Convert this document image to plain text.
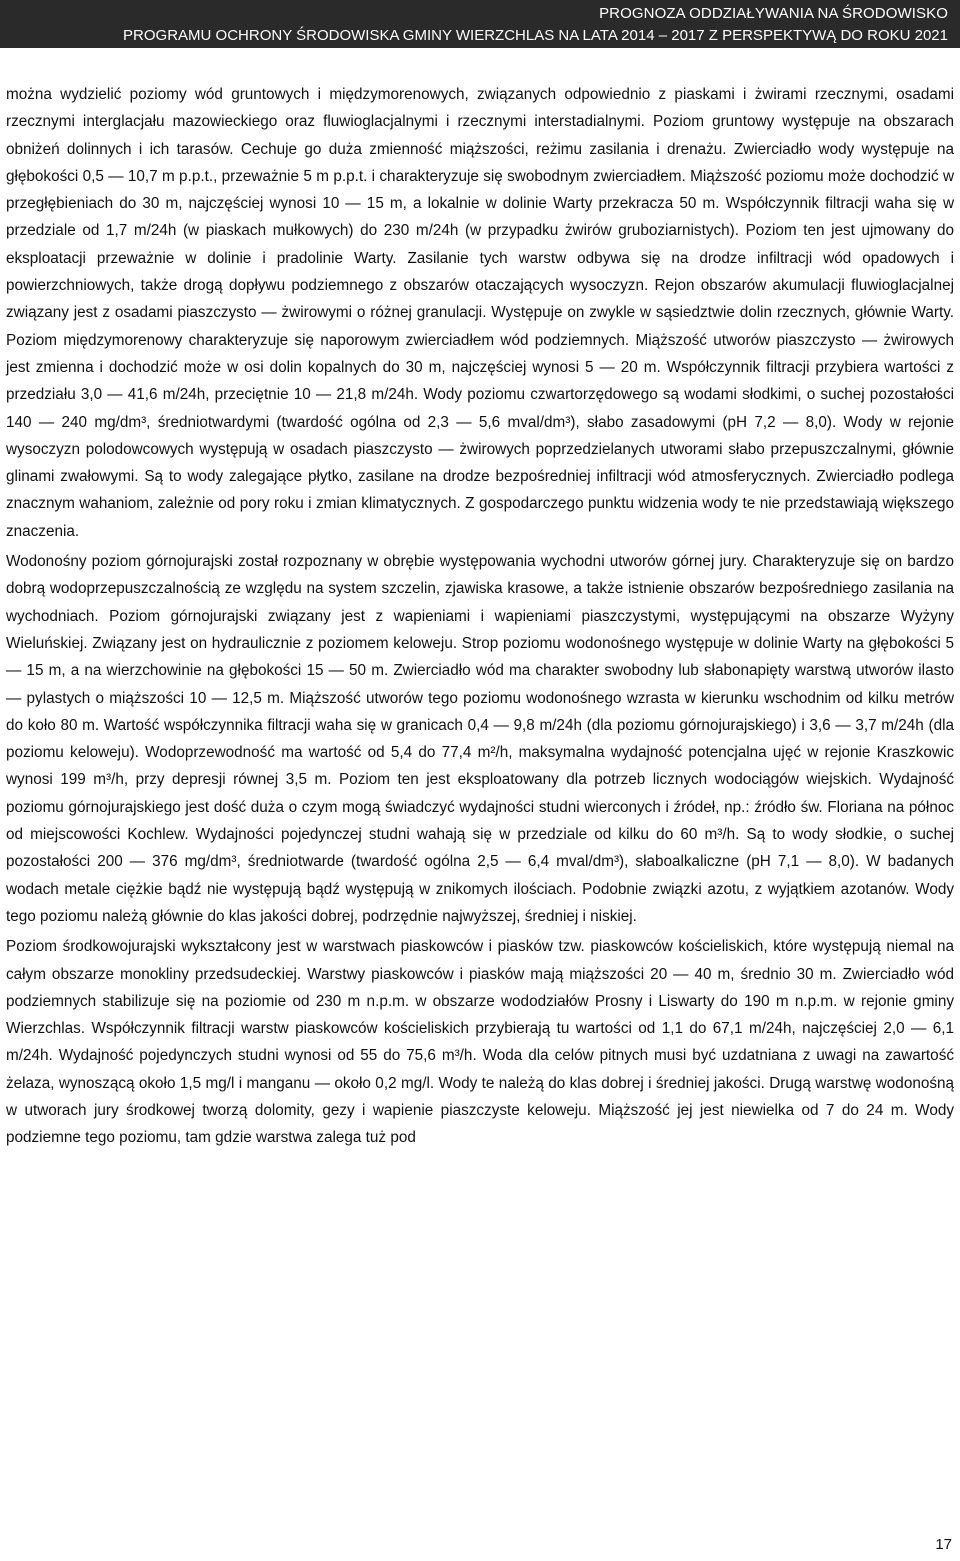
PROGNOZA ODDZIAŁYWANIA NA ŚRODOWISKO
PROGRAMU OCHRONY ŚRODOWISKA GMINY WIERZCHLAS NA LATA 2014 – 2017 Z PERSPEKTYWĄ DO ROKU 2021

można wydzielić poziomy wód gruntowych i międzymorenowych, związanych odpowiednio z piaskami i żwirami rzecznymi, osadami rzecznymi interglacjału mazowieckiego oraz fluwioglacjalnymi i rzecznymi interstadialnymi. Poziom gruntowy występuje na obszarach obniżeń dolinnych i ich tarasów. Cechuje go duża zmienność miąższości, reżimu zasilania i drenażu. Zwierciadło wody występuje na głębokości 0,5 — 10,7 m p.p.t., przeważnie 5 m p.p.t. i charakteryzuje się swobodnym zwierciadłem. Miąższość poziomu może dochodzić w przegłębieniach do 30 m, najczęściej wynosi 10 — 15 m, a lokalnie w dolinie Warty przekracza 50 m. Współczynnik filtracji waha się w przedziale od 1,7 m/24h (w piaskach mułkowych) do 230 m/24h (w przypadku żwirów gruboziarnistych). Poziom ten jest ujmowany do eksploatacji przeważnie w dolinie i pradolinie Warty. Zasilanie tych warstw odbywa się na drodze infiltracji wód opadowych i powierzchniowych, także drogą dopływu podziemnego z obszarów otaczających wysoczyzn. Rejon obszarów akumulacji fluwioglacjalnej związany jest z osadami piaszczysto — żwirowymi o różnej granulacji. Występuje on zwykle w sąsiedztwie dolin rzecznych, głównie Warty. Poziom międzymorenowy charakteryzuje się naporowym zwierciadłem wód podziemnych. Miąższość utworów piaszczysto — żwirowych jest zmienna i dochodzić może w osi dolin kopalnych do 30 m, najczęściej wynosi 5 — 20 m. Współczynnik filtracji przybiera wartości z przedziału 3,0 — 41,6 m/24h, przeciętnie 10 — 21,8 m/24h. Wody poziomu czwartorzędowego są wodami słodkimi, o suchej pozostałości 140 — 240 mg/dm³, średniotwardymi (twardość ogólna od 2,3 — 5,6 mval/dm³), słabo zasadowymi (pH 7,2 — 8,0). Wody w rejonie wysoczyzn polodowcowych występują w osadach piaszczysto — żwirowych poprzedzielanych utworami słabo przepuszczalnymi, głównie glinami zwałowymi. Są to wody zalegające płytko, zasilane na drodze bezpośredniej infiltracji wód atmosferycznych. Zwierciadło podlega znacznym wahaniom, zależnie od pory roku i zmian klimatycznych. Z gospodarczego punktu widzenia wody te nie przedstawiają większego znaczenia.

Wodonośny poziom górnojurajski został rozpoznany w obrębie występowania wychodni utworów górnej jury. Charakteryzuje się on bardzo dobrą wodoprzepuszczalnością ze względu na system szczelin, zjawiska krasowe, a także istnienie obszarów bezpośredniego zasilania na wychodniach. Poziom górnojurajski związany jest z wapieniami i wapieniami piaszczystymi, występującymi na obszarze Wyżyny Wieluńskiej. Związany jest on hydraulicznie z poziomem keloweju. Strop poziomu wodonośnego występuje w dolinie Warty na głębokości 5 — 15 m, a na wierzchowinie na głębokości 15 — 50 m. Zwierciadło wód ma charakter swobodny lub słabonapięty warstwą utworów ilasto — pylastych o miąższości 10 — 12,5 m. Miąższość utworów tego poziomu wodonośnego wzrasta w kierunku wschodnim od kilku metrów do koło 80 m. Wartość współczynnika filtracji waha się w granicach 0,4 — 9,8 m/24h (dla poziomu górnojurajskiego) i 3,6 — 3,7 m/24h (dla poziomu keloweju). Wodoprzewodność ma wartość od 5,4 do 77,4 m²/h, maksymalna wydajność potencjalna ujęć w rejonie Kraszkowic wynosi 199 m³/h, przy depresji równej 3,5 m. Poziom ten jest eksploatowany dla potrzeb licznych wodociągów wiejskich. Wydajność poziomu górnojurajskiego jest dość duża o czym mogą świadczyć wydajności studni wierconych i źródeł, np.: źródło św. Floriana na północ od miejscowości Kochlew. Wydajności pojedynczej studni wahają się w przedziale od kilku do 60 m³/h. Są to wody słodkie, o suchej pozostałości 200 — 376 mg/dm³, średniotwarde (twardość ogólna 2,5 — 6,4 mval/dm³), słaboalkaliczne (pH 7,1 — 8,0). W badanych wodach metale ciężkie bądź nie występują bądź występują w znikomych ilościach. Podobnie związki azotu, z wyjątkiem azotanów. Wody tego poziomu należą głównie do klas jakości dobrej, podrzędnie najwyższej, średniej i niskiej.

Poziom środkowojurajski wykształcony jest w warstwach piaskowców i piasków tzw. piaskowców kościeliskich, które występują niemal na całym obszarze monokliny przedsudeckiej. Warstwy piaskowców i piasków mają miąższości 20 — 40 m, średnio 30 m. Zwierciadło wód podziemnych stabilizuje się na poziomie od 230 m n.p.m. w obszarze wododziałów Prosny i Liswarty do 190 m n.p.m. w rejonie gminy Wierzchlas. Współczynnik filtracji warstw piaskowców kościeliskich przybierają tu wartości od 1,1 do 67,1 m/24h, najczęściej 2,0 — 6,1 m/24h. Wydajność pojedynczych studni wynosi od 55 do 75,6 m³/h. Woda dla celów pitnych musi być uzdatniana z uwagi na zawartość żelaza, wynoszącą około 1,5 mg/l i manganu — około 0,2 mg/l. Wody te należą do klas dobrej i średniej jakości. Drugą warstwę wodonośną w utworach jury środkowej tworzą dolomity, gezy i wapienie piaszczyste keloweju. Miąższość jej jest niewielka od 7 do 24 m. Wody podziemne tego poziomu, tam gdzie warstwa zalega tuż pod

17
